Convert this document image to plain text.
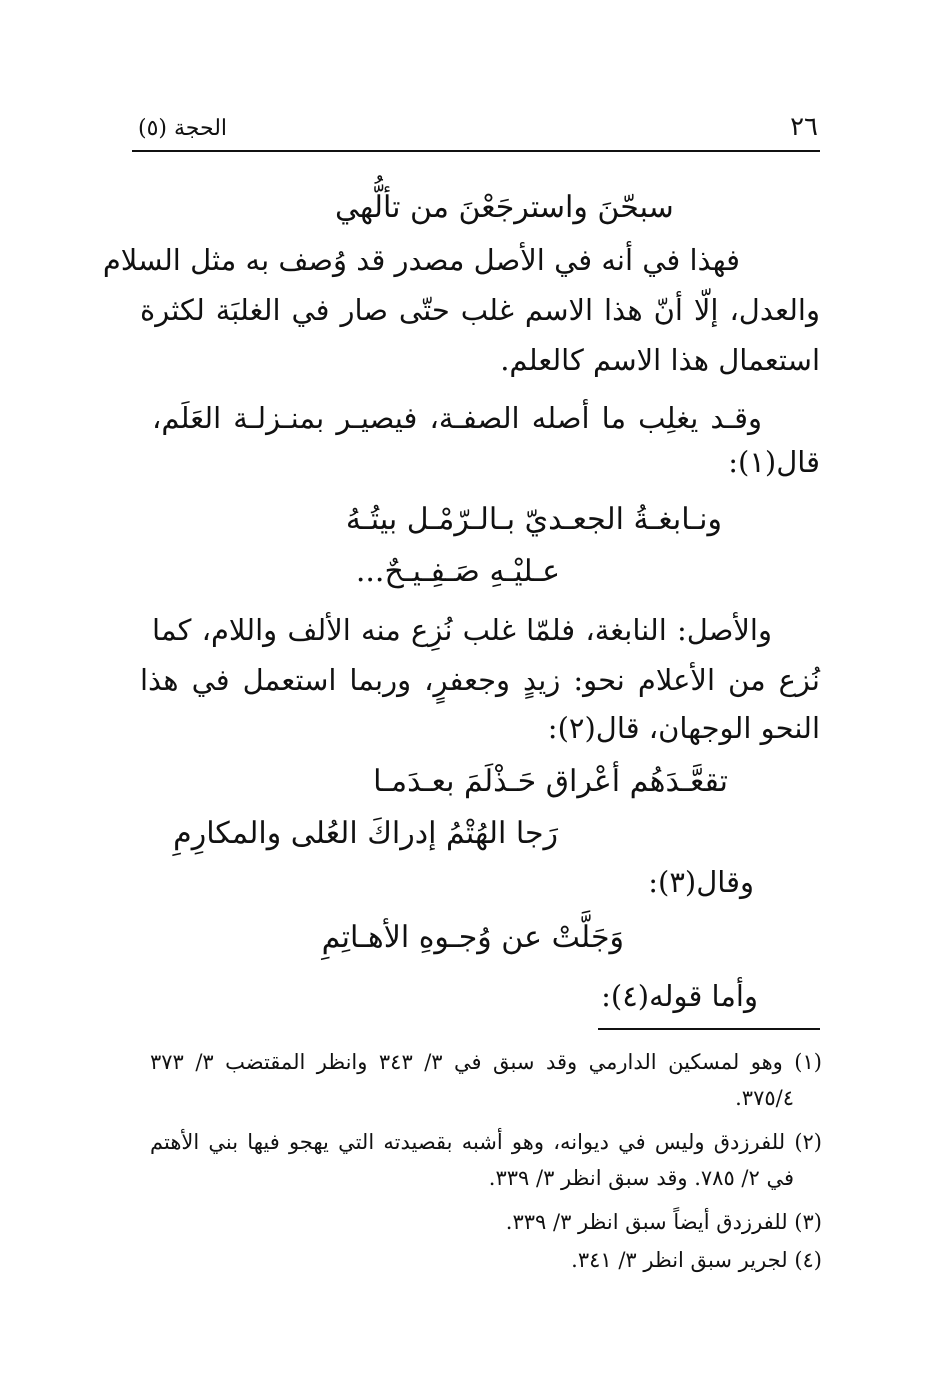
٢٦
الحجة (٥)
سبحّنَ واسترجَعْنَ من تألُّهي
فهذا في أنه في الأصل مصدر قد وُصف به مثل السلام
والعدل، إلّا أنّ هذا الاسم غلب حتّى صار في الغلبَة لكثرة
استعمال هذا الاسم كالعلم.
وقـد يغلِب ما أصله الصفـة، فيصيـر بمنـزلـة العَلَم،
قال(١):
ونـابغـةُ الجعـديّ بـالـرّمْـل بيتُـهُ
عـليْـهِ صَـفِـيـحٌ...
والأصل: النابغة، فلمّا غلب نُزِع منه الألف واللام، كما
نُزع من الأعلام نحو: زيدٍ وجعفرٍ، وربما استعمل في هذا
النحو الوجهان، قال(٢):
تقعَّـدَهُم أعْراق حَـذْلَمَ بعـدَمـا
رَجا الهُتْمُ إدراكَ العُلى والمكارِمِ
وقال(٣):
وَجَلَّتْ عن وُجـوهِ الأهـاتِمِ
وأما قوله(٤):
(١) وهو لمسكين الدارمي وقد سبق في ٣/ ٣٤٣ وانظر المقتضب ٣/ ٣٧٣
٣٧٥/٤.
(٢) للفرزدق وليس في ديوانه، وهو أشبه بقصيدته التي يهجو فيها بني الأهتم
في ٢/ ٧٨٥. وقد سبق انظر ٣/ ٣٣٩.
(٣) للفرزدق أيضاً سبق انظر ٣/ ٣٣٩.
(٤) لجرير سبق انظر ٣/ ٣٤١.
